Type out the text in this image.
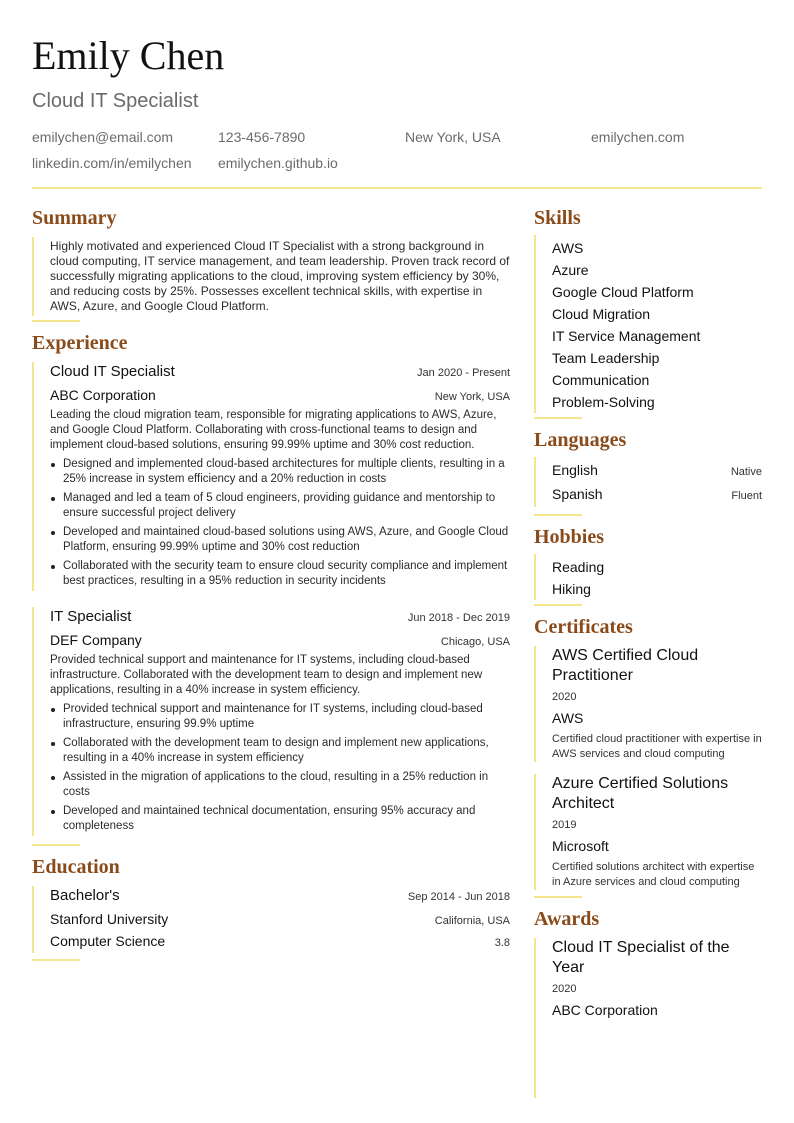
Emily Chen
Cloud IT Specialist
emilychen@email.com	123-456-7890	New York, USA	emilychen.com
linkedin.com/in/emilychen emilychen.github.io
Summary
Highly motivated and experienced Cloud IT Specialist with a strong background in cloud computing, IT service management, and team leadership. Proven track record of successfully migrating applications to the cloud, improving system efficiency by 30%, and reducing costs by 25%. Possesses excellent technical skills, with expertise in AWS, Azure, and Google Cloud Platform.
Experience
Cloud IT Specialist	Jan 2020 - Present
ABC Corporation	New York, USA
Leading the cloud migration team, responsible for migrating applications to AWS, Azure, and Google Cloud Platform. Collaborating with cross-functional teams to design and implement cloud-based solutions, ensuring 99.99% uptime and 30% cost reduction.
Designed and implemented cloud-based architectures for multiple clients, resulting in a 25% increase in system efficiency and a 20% reduction in costs
Managed and led a team of 5 cloud engineers, providing guidance and mentorship to ensure successful project delivery
Developed and maintained cloud-based solutions using AWS, Azure, and Google Cloud Platform, ensuring 99.99% uptime and 30% cost reduction
Collaborated with the security team to ensure cloud security compliance and implement best practices, resulting in a 95% reduction in security incidents
IT Specialist	Jun 2018 - Dec 2019
DEF Company	Chicago, USA
Provided technical support and maintenance for IT systems, including cloud-based infrastructure. Collaborated with the development team to design and implement new applications, resulting in a 40% increase in system efficiency.
Provided technical support and maintenance for IT systems, including cloud-based infrastructure, ensuring 99.9% uptime
Collaborated with the development team to design and implement new applications, resulting in a 40% increase in system efficiency
Assisted in the migration of applications to the cloud, resulting in a 25% reduction in costs
Developed and maintained technical documentation, ensuring 95% accuracy and completeness
Education
Bachelor's	Sep 2014 - Jun 2018
Stanford University	California, USA
Computer Science	3.8
Skills
AWS
Azure
Google Cloud Platform
Cloud Migration
IT Service Management
Team Leadership
Communication
Problem-Solving
Languages
English	Native
Spanish	Fluent
Hobbies
Reading
Hiking
Certificates
AWS Certified Cloud Practitioner
2020
AWS
Certified cloud practitioner with expertise in AWS services and cloud computing
Azure Certified Solutions Architect
2019
Microsoft
Certified solutions architect with expertise in Azure services and cloud computing
Awards
Cloud IT Specialist of the Year
2020
ABC Corporation
